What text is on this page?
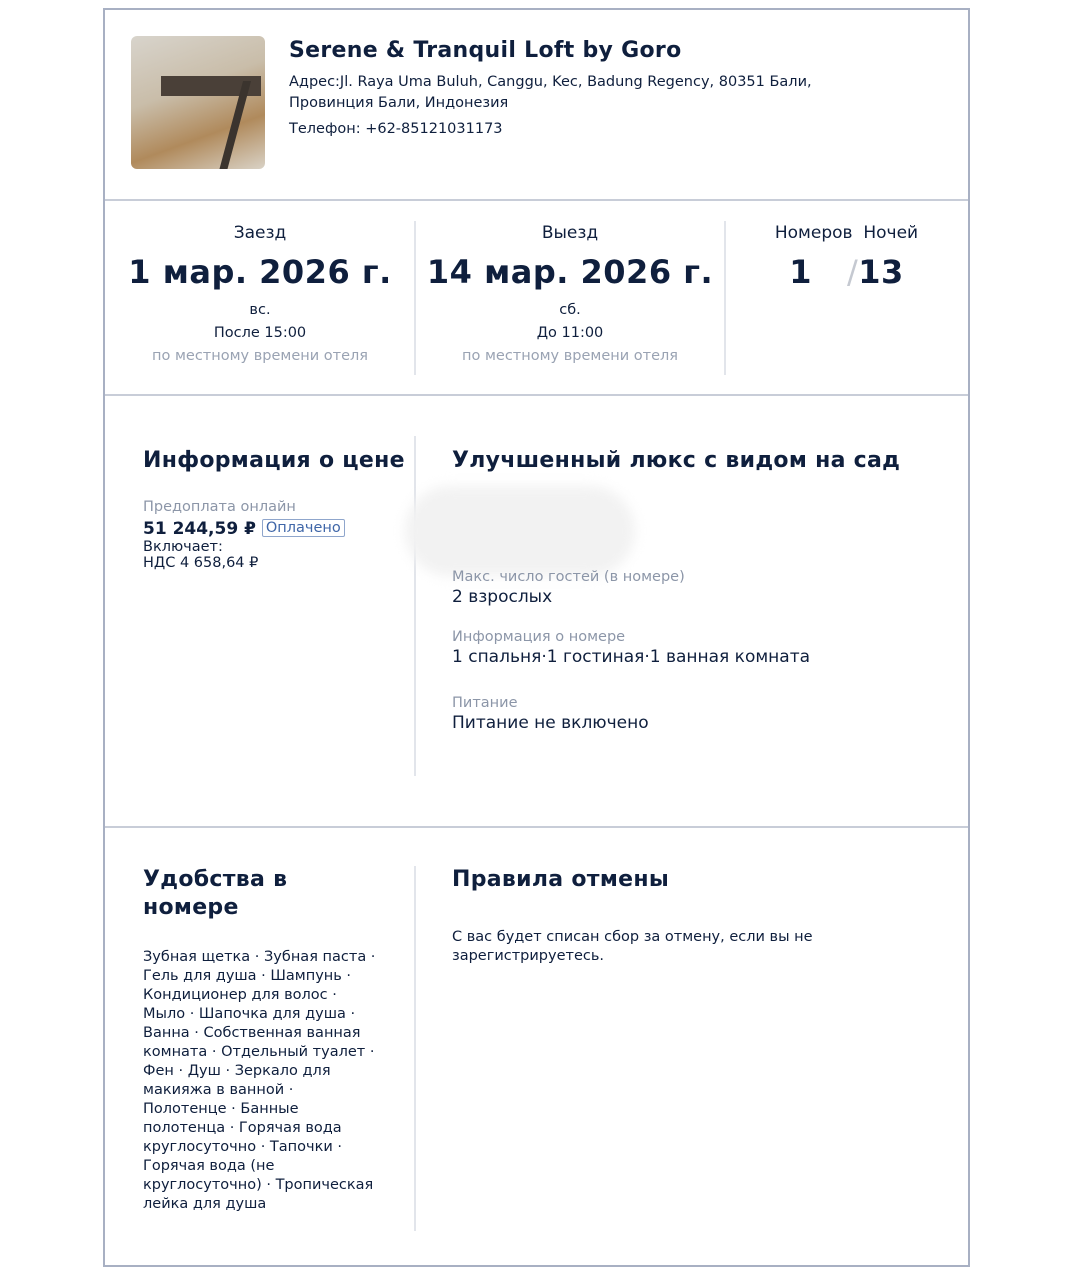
Serene & Tranquil Loft by Goro
Адрес:Jl. Raya Uma Buluh, Canggu, Kec, Badung Regency, 80351 Бали, Провинция Бали, Индонезия
Телефон: +62-85121031173
Заезд
1 мар. 2026 г.
вс.
После 15:00
по местному времени отеля
Выезд
14 мар. 2026 г.
сб.
До 11:00
по местному времени отеля
Номеров Ночей
1 /13
Информация о цене
Предоплата онлайн
51 244,59 ₽ Оплачено
Включает:
НДС 4 658,64 ₽
Улучшенный люкс с видом на сад
Макс. число гостей (в номере)
2 взрослых
Информация о номере
1 спальня·1 гостиная·1 ванная комната
Питание
Питание не включено
Удобства в номере
Зубная щетка · Зубная паста · Гель для душа · Шампунь · Кондиционер для волос · Мыло · Шапочка для душа · Ванна · Собственная ванная комната · Отдельный туалет · Фен · Душ · Зеркало для макияжа в ванной · Полотенце · Банные полотенца · Горячая вода круглосуточно · Тапочки · Горячая вода (не круглосуточно) · Тропическая лейка для душа
Правила отмены
С вас будет списан сбор за отмену, если вы не зарегистрируетесь.
